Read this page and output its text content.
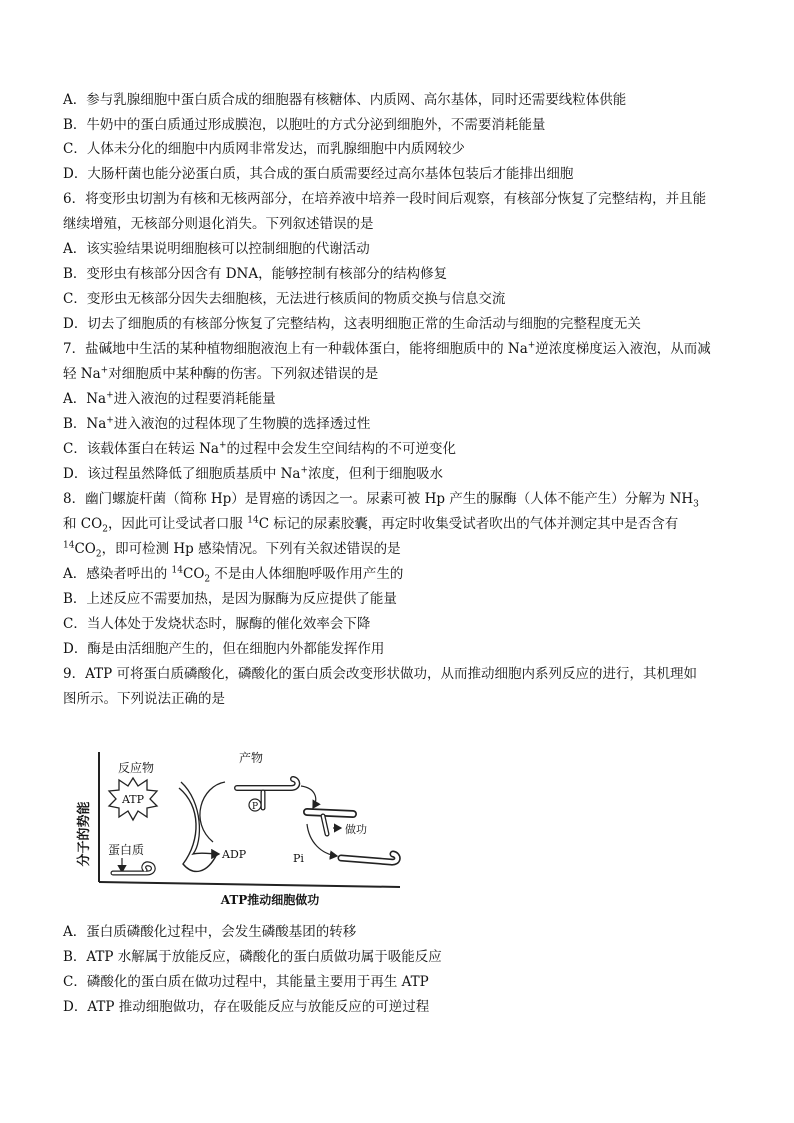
A．参与乳腺细胞中蛋白质合成的细胞器有核糖体、内质网、高尔基体，同时还需要线粒体供能
B．牛奶中的蛋白质通过形成膜泡，以胞吐的方式分泌到细胞外，不需要消耗能量
C．人体未分化的细胞中内质网非常发达，而乳腺细胞中内质网较少
D．大肠杆菌也能分泌蛋白质，其合成的蛋白质需要经过高尔基体包装后才能排出细胞
6．将变形虫切割为有核和无核两部分，在培养液中培养一段时间后观察，有核部分恢复了完整结构，并且能
继续增殖，无核部分则退化消失。下列叙述错误的是
A．该实验结果说明细胞核可以控制细胞的代谢活动
B．变形虫有核部分因含有 DNA，能够控制有核部分的结构修复
C．变形虫无核部分因失去细胞核，无法进行核质间的物质交换与信息交流
D．切去了细胞质的有核部分恢复了完整结构，这表明细胞正常的生命活动与细胞的完整程度无关
7．盐碱地中生活的某种植物细胞液泡上有一种载体蛋白，能将细胞质中的 Na+逆浓度梯度运入液泡，从而减
轻 Na+对细胞质中某种酶的伤害。下列叙述错误的是
A．Na+进入液泡的过程要消耗能量
B．Na+进入液泡的过程体现了生物膜的选择透过性
C．该载体蛋白在转运 Na+的过程中会发生空间结构的不可逆变化
D．该过程虽然降低了细胞质基质中 Na+浓度，但利于细胞吸水
8．幽门螺旋杆菌（简称 Hp）是胃癌的诱因之一。尿素可被 Hp 产生的脲酶（人体不能产生）分解为 $NH_3$
和 $CO_2$，因此可让受试者口服 $^{14}$C 标记的尿素胶囊，再定时收集受试者吹出的气体并测定其中是否含有
$^{14}CO_2$，即可检测 Hp 感染情况。下列有关叙述错误的是
A．感染者呼出的 $^{14}CO_2$ 不是由人体细胞呼吸作用产生的
B．上述反应不需要加热，是因为脲酶为反应提供了能量
C．当人体处于发烧状态时，脲酶的催化效率会下降
D．酶是由活细胞产生的，但在细胞内外都能发挥作用
9．ATP 可将蛋白质磷酸化，磷酸化的蛋白质会改变形状做功，从而推动细胞内系列反应的进行，其机理如
图所示。下列说法正确的是
分子的势能
ATP推动细胞做功
反应物
ATP
蛋白质	ADP
产物
P
做功
Pi
A．蛋白质磷酸化过程中，会发生磷酸基团的转移
B．ATP 水解属于放能反应，磷酸化的蛋白质做功属于吸能反应
C．磷酸化的蛋白质在做功过程中，其能量主要用于再生 ATP
D．ATP 推动细胞做功，存在吸能反应与放能反应的可逆过程
